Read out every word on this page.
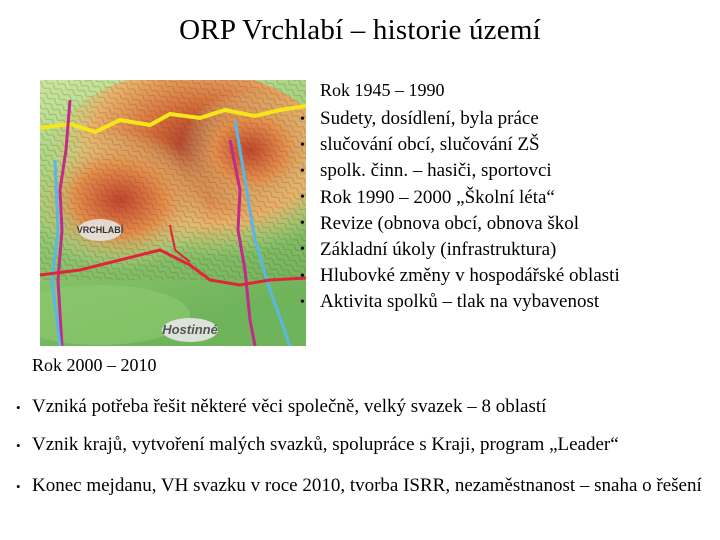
ORP Vrchlabí – historie území
VRCHLABÍ
Hostinné
Rok 1945 – 1990
• Sudety, dosídlení, byla práce
• slučování obcí, slučování ZŠ
• spolk. činn. – hasiči, sportovci
• Rok 1990 – 2000 „Školní léta“
• Revize (obnova obcí, obnova škol
• Základní úkoly (infrastruktura)
• Hlubovké změny v hospodářské oblasti
• Aktivita spolků – tlak na vybavenost
Rok 2000 – 2010
• Vzniká potřeba řešit některé věci společně, velký svazek – 8 oblastí
• Vznik krajů, vytvoření malých svazků, spolupráce s Kraji, program „Leader“
• Konec mejdanu, VH svazku v roce 2010, tvorba ISRR, nezaměstnanost – snaha o řešení
